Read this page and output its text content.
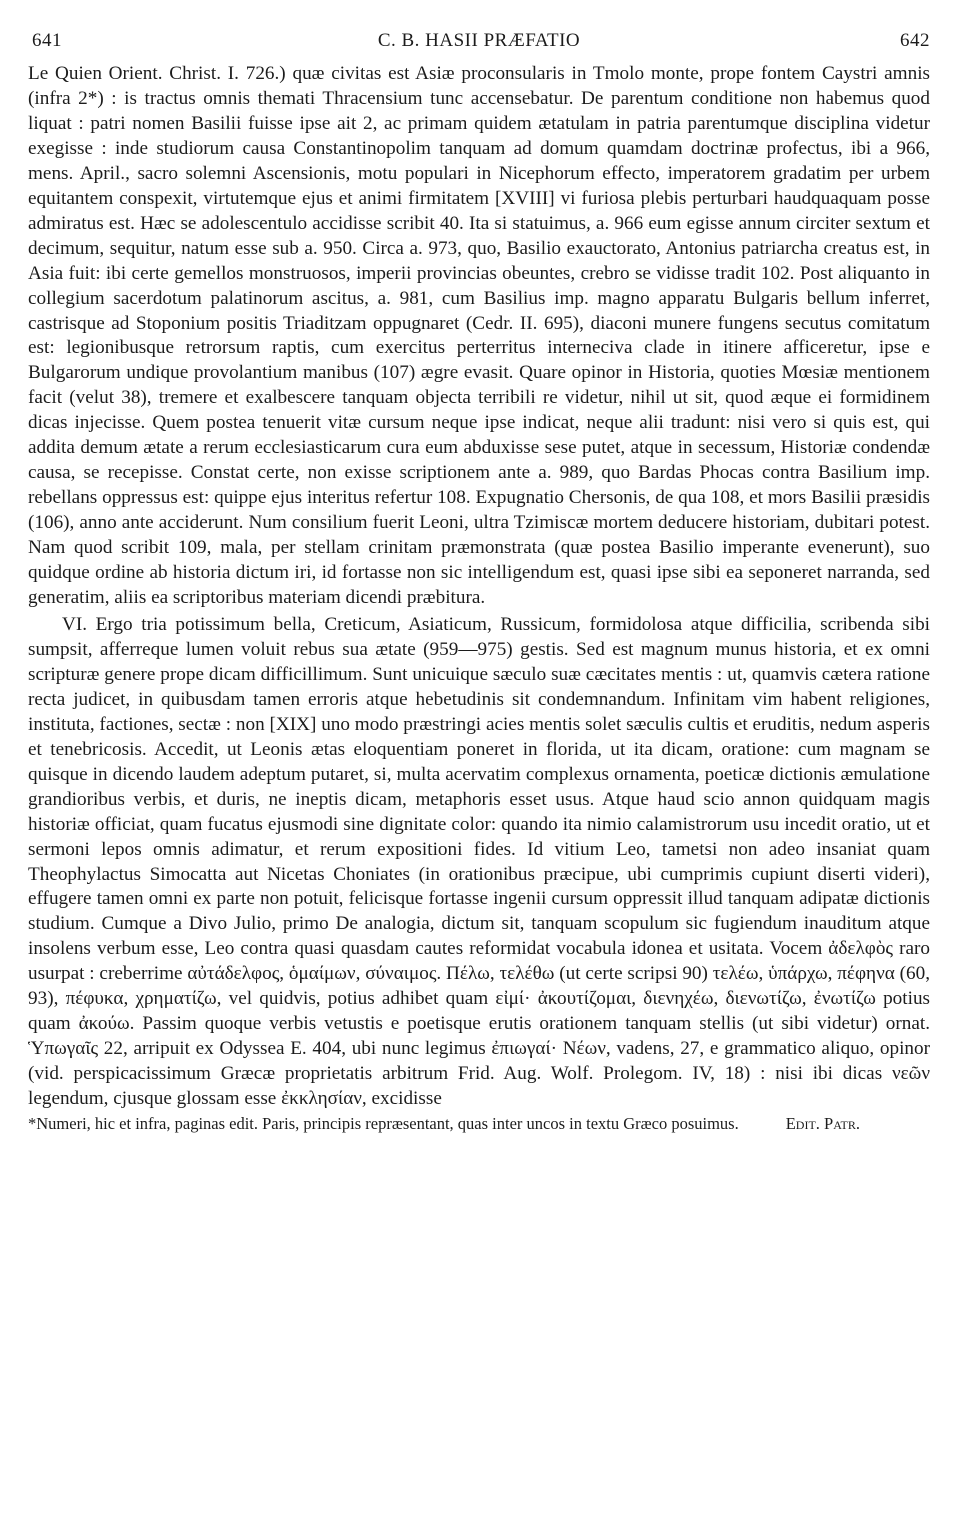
641	C. B. HASII PRÆFATIO	642

Le Quien Orient. Christ. I. 726.) quæ civitas est Asiæ proconsularis in Tmolo monte, prope fontem Caystri amnis (infra 2*) : is tractus omnis themati Thracensium tunc accensebatur. De parentum conditione non habemus quod liquat : patri nomen Basilii fuisse ipse ait 2, ac primam quidem ætatulam in patria parentumque disciplina videtur exegisse : inde studiorum causa Constantinopolim tanquam ad domum quamdam doctrinæ profectus, ibi a 966, mens. April., sacro solemni Ascensionis, motu populari in Nicephorum effecto, imperatorem gradatim per urbem equitantem conspexit, virtutemque ejus et animi firmitatem [XVIII] vi furiosa plebis perturbari haudquaquam posse admiratus est. Hæc se adolescentulo accidisse scribit 40. Ita si statuimus, a. 966 eum egisse annum circiter sextum et decimum, sequitur, natum esse sub a. 950. Circa a. 973, quo, Basilio exauctorato, Antonius patriarcha creatus est, in Asia fuit: ibi certe gemellos monstruosos, imperii provincias obeuntes, crebro se vidisse tradit 102. Post aliquanto in collegium sacerdotum palatinorum ascitus, a. 981, cum Basilius imp. magno apparatu Bulgaris bellum inferret, castrisque ad Stoponium positis Triaditzam oppugnaret (Cedr. II. 695), diaconi munere fungens secutus comitatum est: legionibusque retrorsum raptis, cum exercitus perterritus interneciva clade in itinere afficeretur, ipse e Bulgarorum undique provolantium manibus (107) ægre evasit. Quare opinor in Historia, quoties Mœsiæ mentionem facit (velut 38), tremere et exalbescere tanquam objecta terribili re videtur, nihil ut sit, quod æque ei formidinem dicas injecisse. Quem postea tenuerit vitæ cursum neque ipse indicat, neque alii tradunt: nisi vero si quis est, qui addita demum ætate a rerum ecclesiasticarum cura eum abduxisse sese putet, atque in secessum, Historiæ condendæ causa, se recepisse. Constat certe, non exisse scriptionem ante a. 989, quo Bardas Phocas contra Basilium imp. rebellans oppressus est: quippe ejus interitus refertur 108. Expugnatio Chersonis, de qua 108, et mors Basilii præsidis (106), anno ante acciderunt. Num consilium fuerit Leoni, ultra Tzimiscæ mortem deducere historiam, dubitari potest. Nam quod scribit 109, mala, per stellam crinitam præmonstrata (quæ postea Basilio imperante evenerunt), suo quidque ordine ab historia dictum iri, id fortasse non sic intelligendum est, quasi ipse sibi ea seponeret narranda, sed generatim, aliis ea scriptoribus materiam dicendi præbitura.

VI. Ergo tria potissimum bella, Creticum, Asiaticum, Russicum, formidolosa atque difficilia, scribenda sibi sumpsit, afferreque lumen voluit rebus sua ætate (959—975) gestis. Sed est magnum munus historia, et ex omni scripturæ genere prope dicam difficillimum. Sunt unicuique sæculo suæ cæcitates mentis : ut, quamvis cætera ratione recta judicet, in quibusdam tamen erroris atque hebetudinis sit condemnandum. Infinitam vim habent religiones, instituta, factiones, sectæ : non [XIX] uno modo præstringi acies mentis solet sæculis cultis et eruditis, nedum asperis et tenebricosis. Accedit, ut Leonis ætas eloquentiam poneret in florida, ut ita dicam, oratione: cum magnam se quisque in dicendo laudem adeptum putaret, si, multa acervatim complexus ornamenta, poeticæ dictionis æmulatione grandioribus verbis, et duris, ne ineptis dicam, metaphoris esset usus. Atque haud scio annon quidquam magis historiæ officiat, quam fucatus ejusmodi sine dignitate color: quando ita nimio calamistrorum usu incedit oratio, ut et sermoni lepos omnis adimatur, et rerum expositioni fides. Id vitium Leo, tametsi non adeo insaniat quam Theophylactus Simocatta aut Nicetas Choniates (in orationibus præcipue, ubi cumprimis cupiunt diserti videri), effugere tamen omni ex parte non potuit, felicisque fortasse ingenii cursum oppressit illud tanquam adipatæ dictionis studium. Cumque a Divo Julio, primo De analogia, dictum sit, tanquam scopulum sic fugiendum inauditum atque insolens verbum esse, Leo contra quasi quasdam cautes reformidat vocabula idonea et usitata. Vocem ἀδελφὸς raro usurpat : creberrime αὐτάδελφος, ὁμαίμων, σύναιμος. Πέλω, τελέθω (ut certe scripsi 90) τελέω, ὑπάρχω, πέφηνα (60, 93), πέφυκα, χρηματίζω, vel quidvis, potius adhibet quam εἰμί· ἀκουτίζομαι, διενηχέω, διενωτίζω, ἐνωτίζω potius quam ἀκούω. Passim quoque verbis vetustis e poetisque erutis orationem tanquam stellis (ut sibi videtur) ornat. Ὑπωγαῖς 22, arripuit ex Odyssea E. 404, ubi nunc legimus ἐπιωγαί· Νέων, vadens, 27, e grammatico aliquo, opinor (vid. perspicacissimum Græcæ proprietatis arbitrum Frid. Aug. Wolf. Prolegom. IV, 18) : nisi ibi dicas νεῶν legendum, cjusque glossam esse ἐκκλησίαν, excidisse

*Numeri, hic et infra, paginas edit. Paris, principis repræsentant, quas inter uncos in textu Græco posuimus.	Edit. Patr.
